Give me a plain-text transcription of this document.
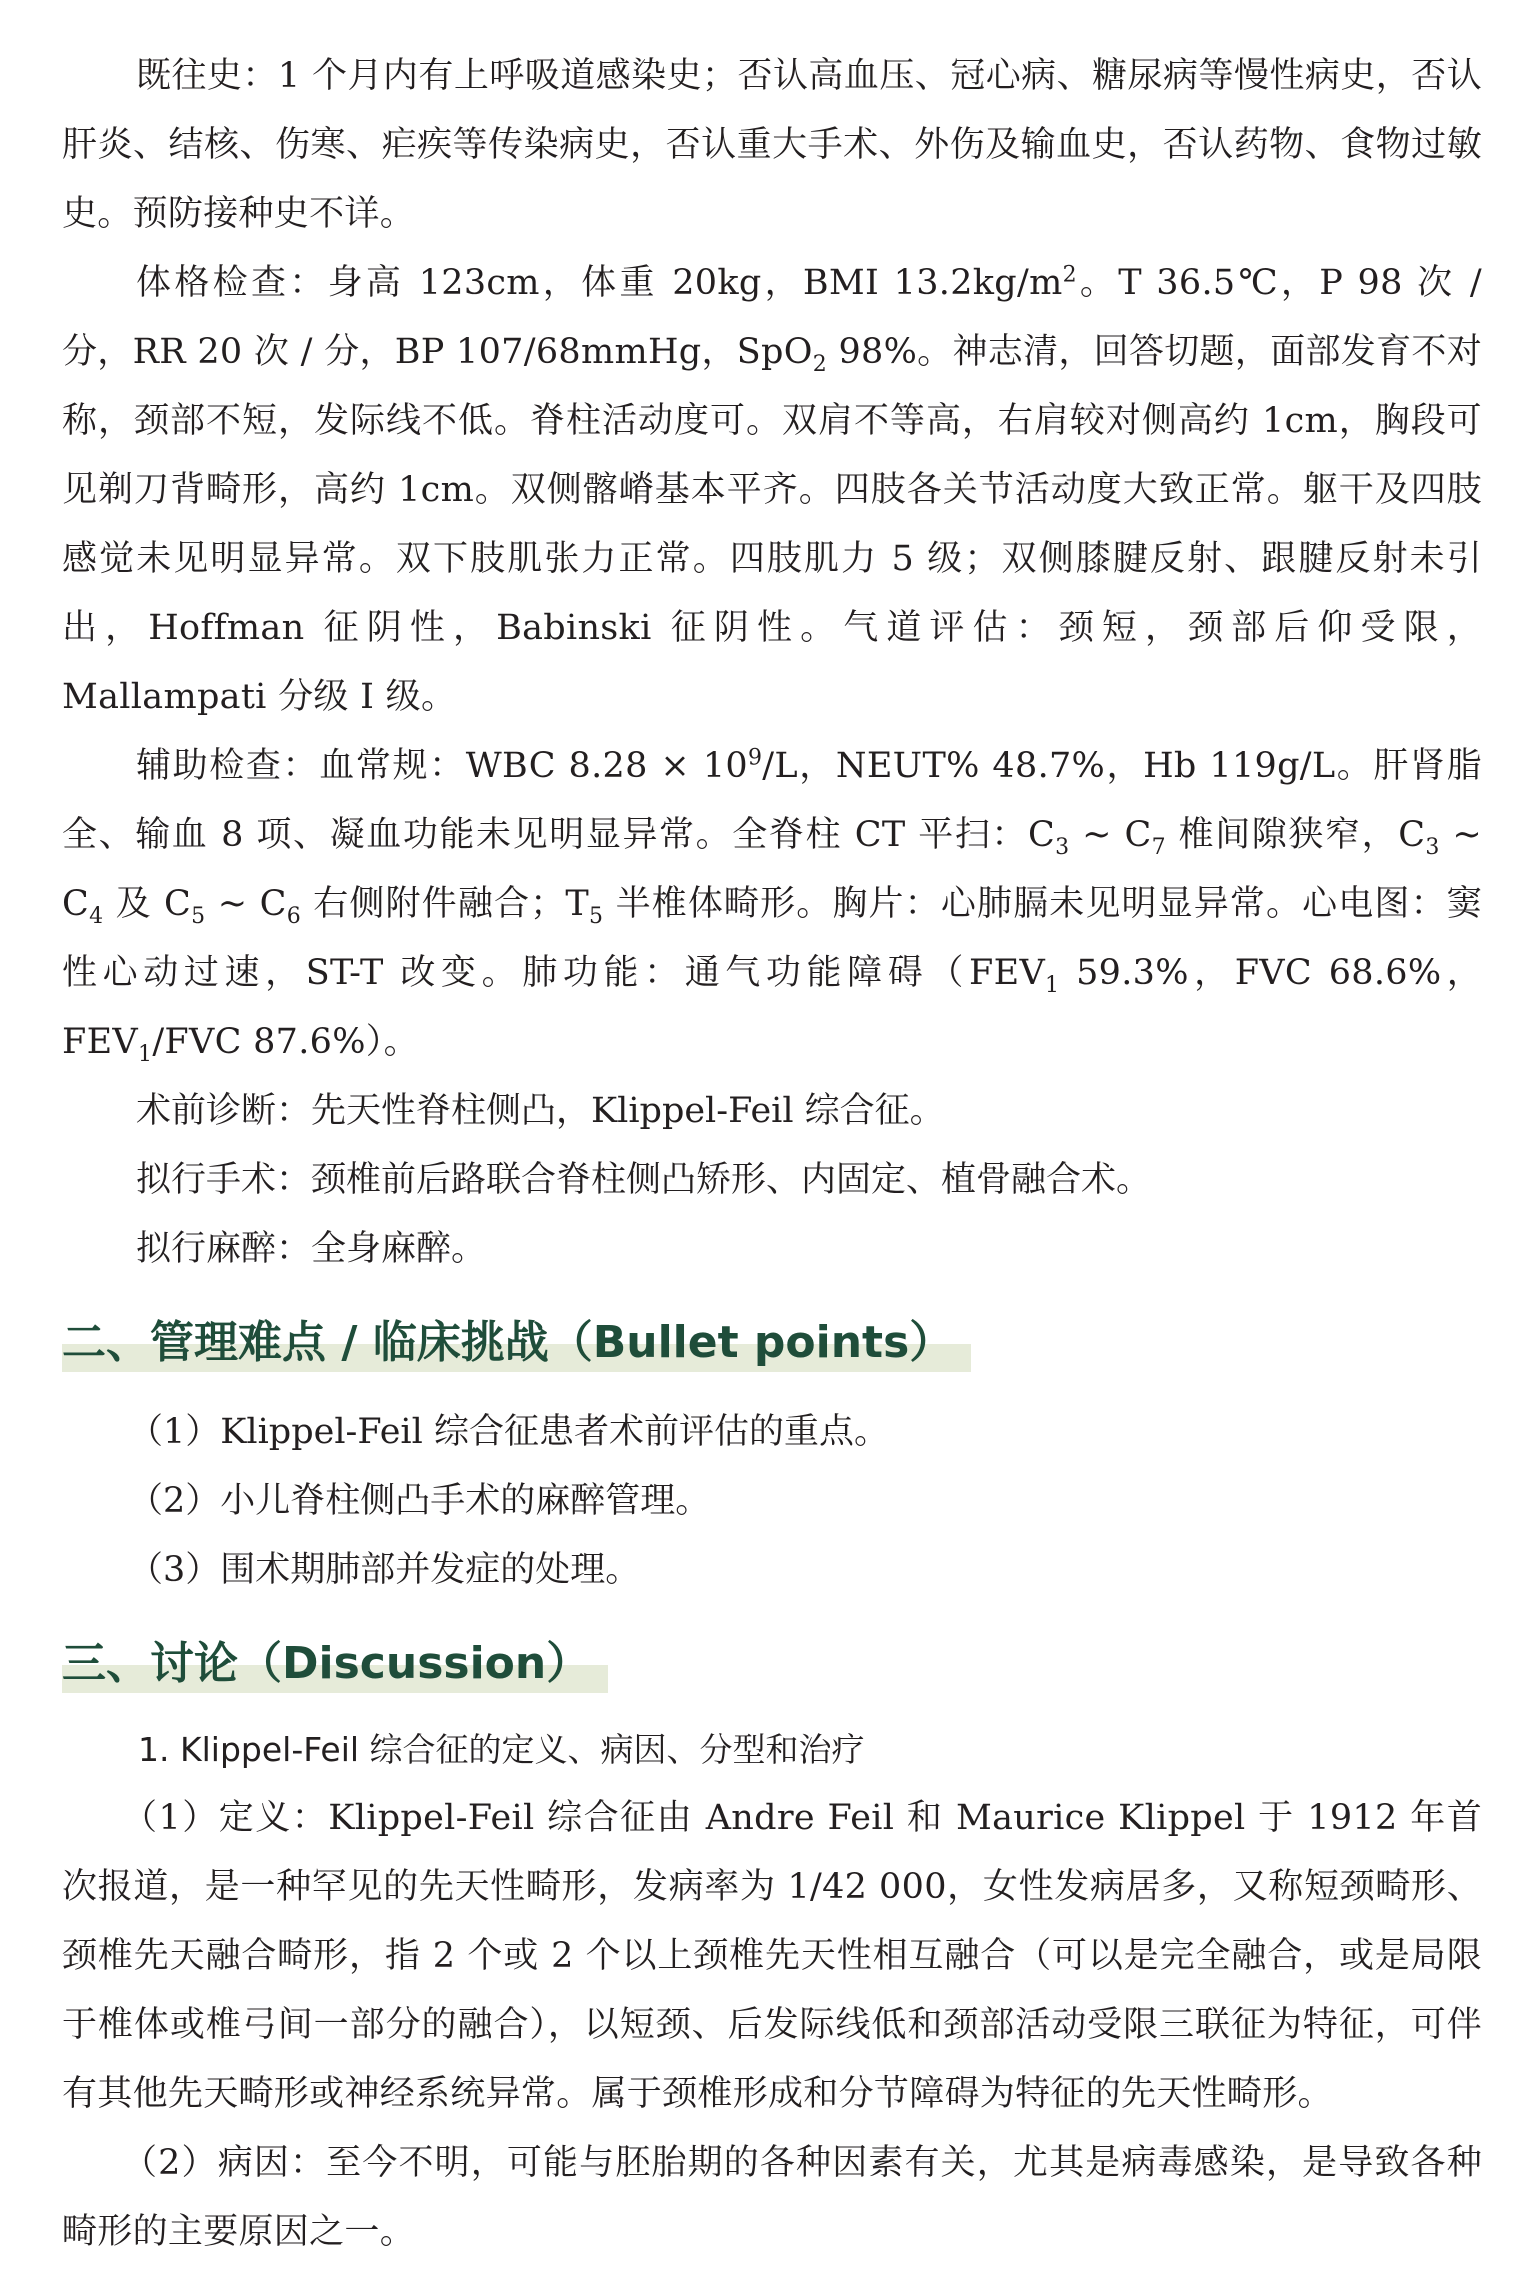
既往史：1 个月内有上呼吸道感染史；否认高血压、冠心病、糖尿病等慢性病史，否认肝炎、结核、伤寒、疟疾等传染病史，否认重大手术、外伤及输血史，否认药物、食物过敏史。预防接种史不详。

体格检查：身高 123cm，体重 20kg，BMI $13.2kg/m^2$。T 36.5℃，P 98 次 / 分，RR 20 次 / 分，BP 107/68mmHg，SpO$_2$ 98%。神志清，回答切题，面部发育不对称，颈部不短，发际线不低。脊柱活动度可。双肩不等高，右肩较对侧高约 1cm，胸段可见剃刀背畸形，高约 1cm。双侧髂嵴基本平齐。四肢各关节活动度大致正常。躯干及四肢感觉未见明显异常。双下肢肌张力正常。四肢肌力 5 级；双侧膝腱反射、跟腱反射未引出，Hoffman 征阴性，Babinski 征阴性。气道评估：颈短，颈部后仰受限，Mallampati 分级 Ⅰ 级。

辅助检查：血常规：WBC $8.28 \times 10^9/L$，NEUT% 48.7%，Hb 119g/L。肝肾脂全、输血 8 项、凝血功能未见明显异常。全脊柱 CT 平扫：$C_3$ ~ $C_7$ 椎间隙狭窄，$C_3$ ~ $C_4$ 及 $C_5$ ~ $C_6$ 右侧附件融合；$T_5$ 半椎体畸形。胸片：心肺膈未见明显异常。心电图：窦性心动过速，ST-T 改变。肺功能：通气功能障碍（$FEV_1$ 59.3%，FVC 68.6%，$FEV_1$/FVC 87.6%）。

术前诊断：先天性脊柱侧凸，Klippel-Feil 综合征。

拟行手术：颈椎前后路联合脊柱侧凸矫形、内固定、植骨融合术。

拟行麻醉：全身麻醉。

二、管理难点 / 临床挑战（Bullet points）

（1）Klippel-Feil 综合征患者术前评估的重点。

（2）小儿脊柱侧凸手术的麻醉管理。

（3）围术期肺部并发症的处理。

三、讨论（Discussion）

1. Klippel-Feil 综合征的定义、病因、分型和治疗

（1）定义：Klippel-Feil 综合征由 Andre Feil 和 Maurice Klippel 于 1912 年首次报道，是一种罕见的先天性畸形，发病率为 1/42 000，女性发病居多，又称短颈畸形、颈椎先天融合畸形，指 2 个或 2 个以上颈椎先天性相互融合（可以是完全融合，或是局限于椎体或椎弓间一部分的融合），以短颈、后发际线低和颈部活动受限三联征为特征，可伴有其他先天畸形或神经系统异常。属于颈椎形成和分节障碍为特征的先天性畸形。

（2）病因：至今不明，可能与胚胎期的各种因素有关，尤其是病毒感染，是导致各种畸形的主要原因之一。
